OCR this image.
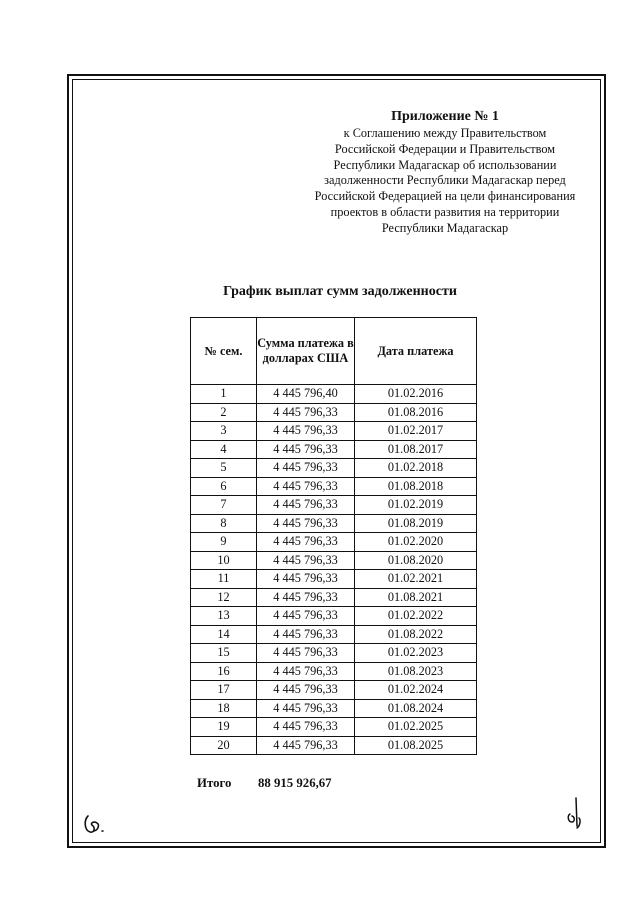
Приложение № 1
к Соглашению между Правительством
Российской Федерации и Правительством
Республики Мадагаскар об использовании
задолженности Республики Мадагаскар перед
Российской Федерацией на цели финансирования
проектов в области развития на территории
Республики Мадагаскар
График выплат сумм задолженности
№ сем.	Сумма платежа в долларах США	Дата платежа
1	4 445 796,40	01.02.2016
2	4 445 796,33	01.08.2016
3	4 445 796,33	01.02.2017
4	4 445 796,33	01.08.2017
5	4 445 796,33	01.02.2018
6	4 445 796,33	01.08.2018
7	4 445 796,33	01.02.2019
8	4 445 796,33	01.08.2019
9	4 445 796,33	01.02.2020
10	4 445 796,33	01.08.2020
11	4 445 796,33	01.02.2021
12	4 445 796,33	01.08.2021
13	4 445 796,33	01.02.2022
14	4 445 796,33	01.08.2022
15	4 445 796,33	01.02.2023
16	4 445 796,33	01.08.2023
17	4 445 796,33	01.02.2024
18	4 445 796,33	01.08.2024
19	4 445 796,33	01.02.2025
20	4 445 796,33	01.08.2025
Итого 88 915 926,67
